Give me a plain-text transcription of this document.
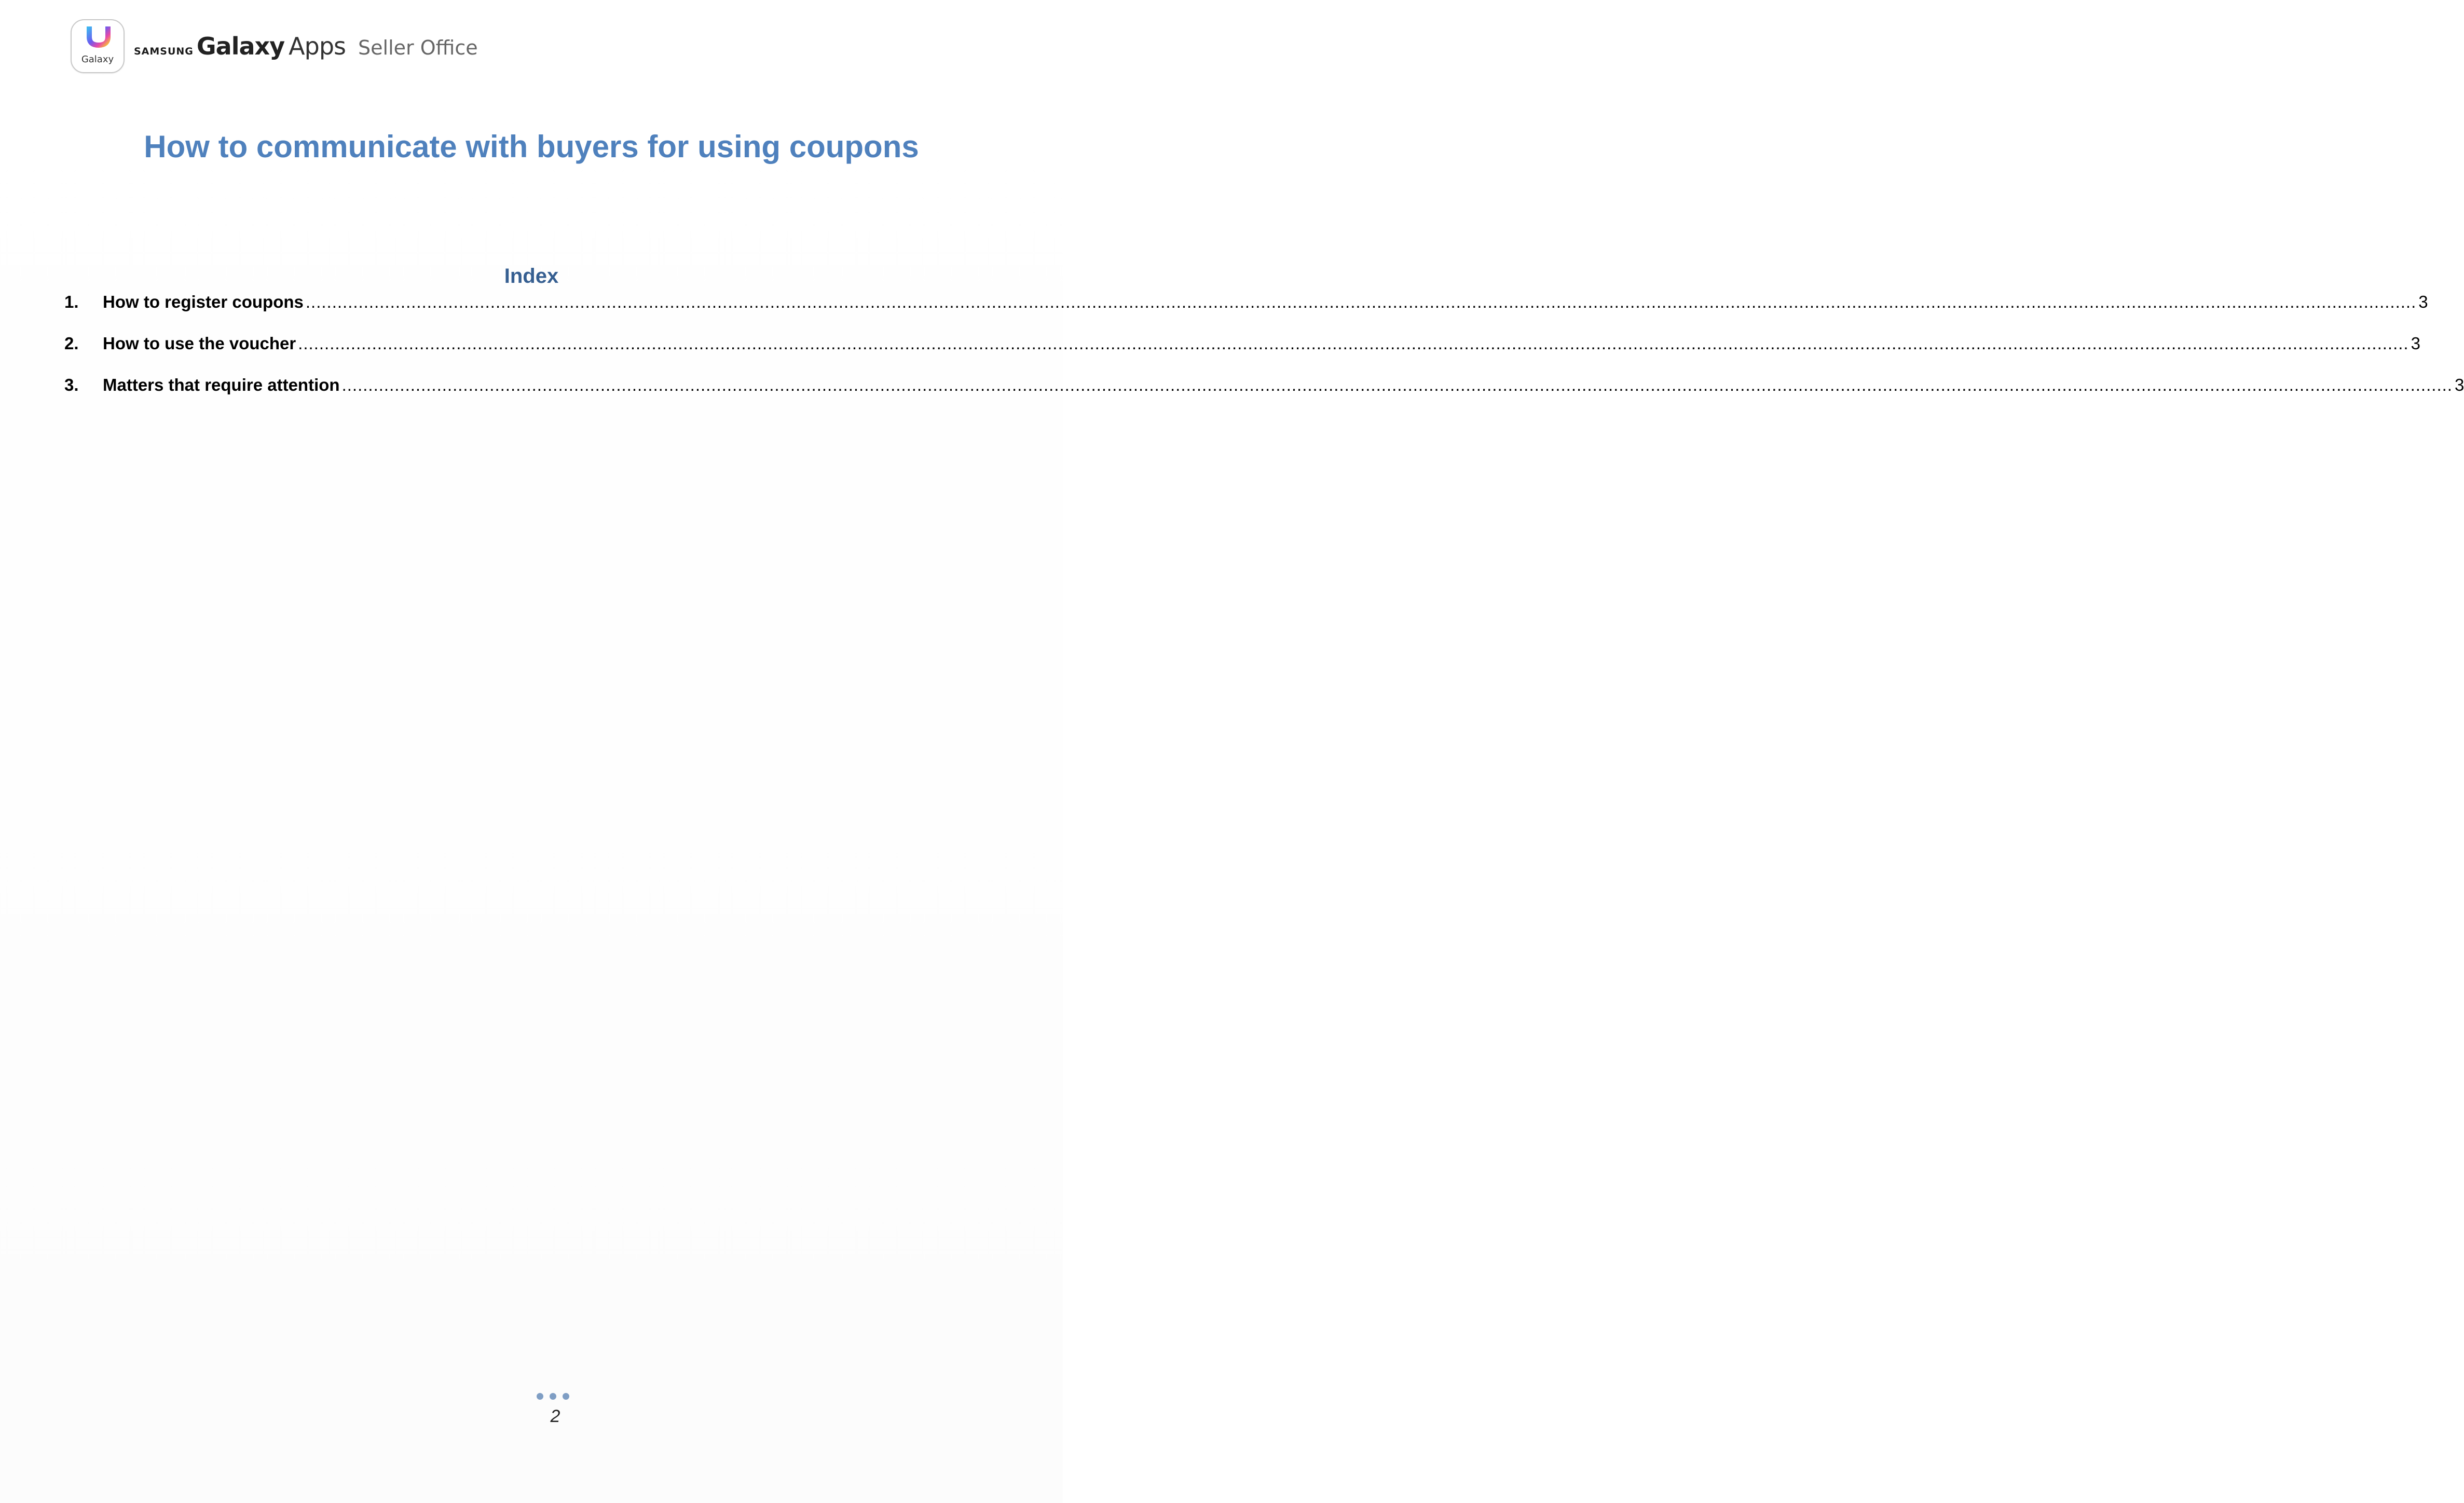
Galaxy
SAMSUNG Galaxy Apps Seller Office
How to communicate with buyers for using coupons
Index
1.	How to register coupons ................................................................................................................................................................................................................................................................................................................................................................................................................ 3
2.	How to use the voucher ................................................................................................................................................................................................................................................................................................................................................................................................................ 3
3.	Matters that require attention ................................................................................................................................................................................................................................................................................................................................................................................................................ 3
2
